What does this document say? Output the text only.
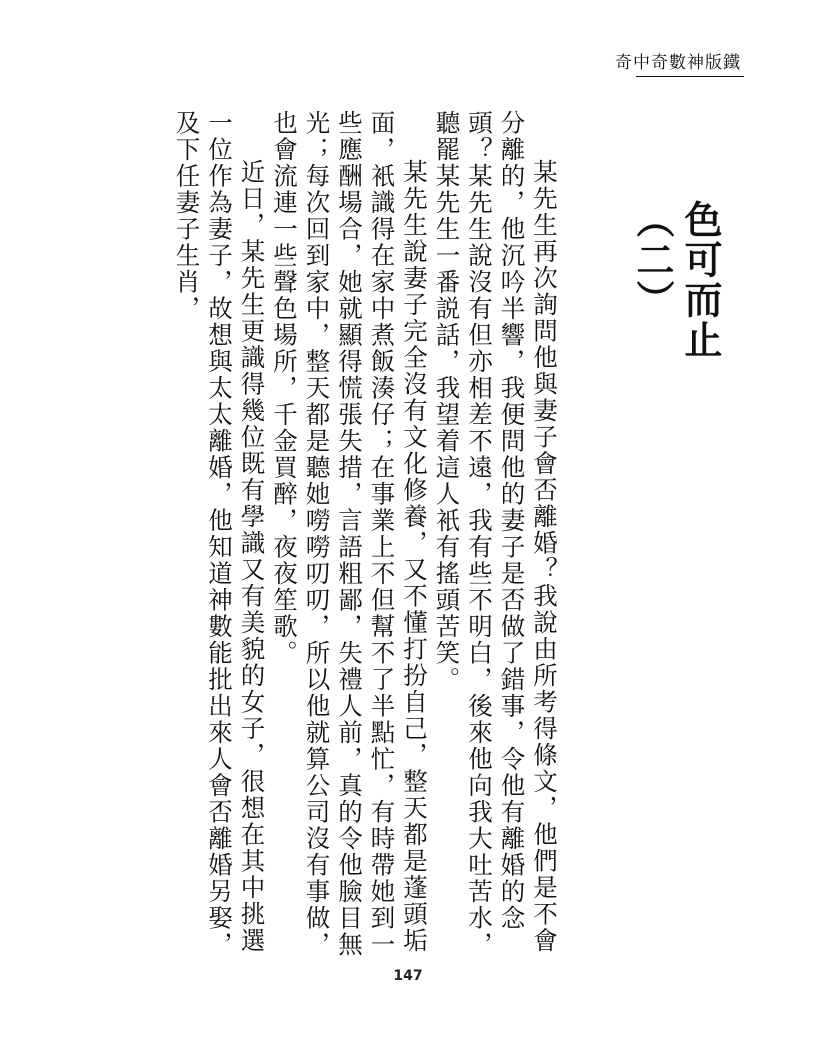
奇中奇數神版鐵
色可而止（二）

某先生再次詢問他與妻子會否離婚？我說由所考得條文，他們是不會分離的，他沉吟半響，我便問他的妻子是否做了錯事，令他有離婚的念頭？某先生說沒有但亦相差不遠，我有些不明白，後來他向我大吐苦水，聽罷某先生一番説話，我望着這人衹有搖頭苦笑。

某先生說妻子完全沒有文化修養，又不懂打扮自己，整天都是蓬頭垢面，衹識得在家中煮飯湊仔；在事業上不但幫不了半點忙，有時帶她到一些應酬場合，她就顯得慌張失措，言語粗鄙，失禮人前，真的令他臉目無光；每次回到家中，整天都是聽她嘮嘮叨叨，所以他就算公司沒有事做，也會流連一些聲色場所，千金買醉，夜夜笙歌。

近日，某先生更識得幾位既有學識又有美貌的女子，很想在其中挑選一位作為妻子，故想與太太離婚，他知道神數能批出來人會否離婚另娶，及下任妻子生肖，

147
